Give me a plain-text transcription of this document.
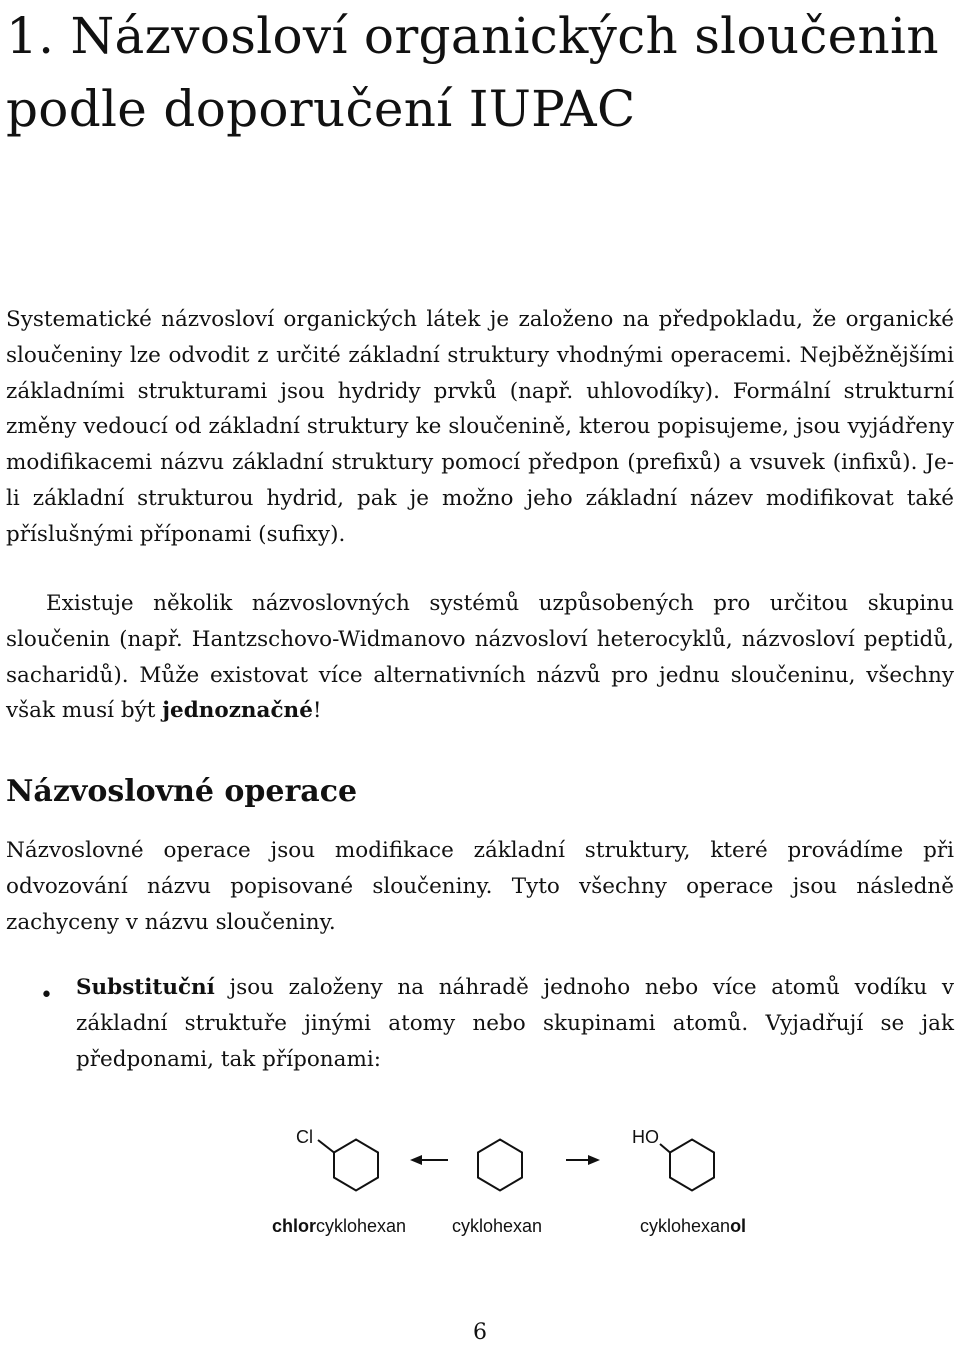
1. Názvosloví organických sloučenin podle doporučení IUPAC

Systematické názvosloví organických látek je založeno na předpokladu, že organické sloučeniny lze odvodit z určité základní struktury vhodnými operacemi. Nejběžnějšími základními strukturami jsou hydridy prvků (např. uhlovodíky). Formální strukturní změny vedoucí od základní struktury ke sloučenině, kterou popisujeme, jsou vyjádřeny modifikacemi názvu základní struktury pomocí předpon (prefixů) a vsuvek (infixů). Je-li základní strukturou hydrid, pak je možno jeho základní název modifikovat také příslušnými příponami (sufixy).

Existuje několik názvoslovných systémů uzpůsobených pro určitou skupinu sloučenin (např. Hantzschovo-Widmanovo názvosloví heterocyklů, názvosloví peptidů, sacharidů). Může existovat více alternativních názvů pro jednu sloučeninu, všechny však musí být jednoznačné!

Názvoslovné operace

Názvoslovné operace jsou modifikace základní struktury, které provádíme při odvozování názvu popisované sloučeniny. Tyto všechny operace jsou následně zachyceny v názvu sloučeniny.

• Substituční jsou založeny na náhradě jednoho nebo více atomů vodíku v základní struktuře jinými atomy nebo skupinami atomů. Vyjadřují se jak předponami, tak příponami:
Cl	HO
chlorcyklohexan	cyklohexan	cyklohexanol
6
